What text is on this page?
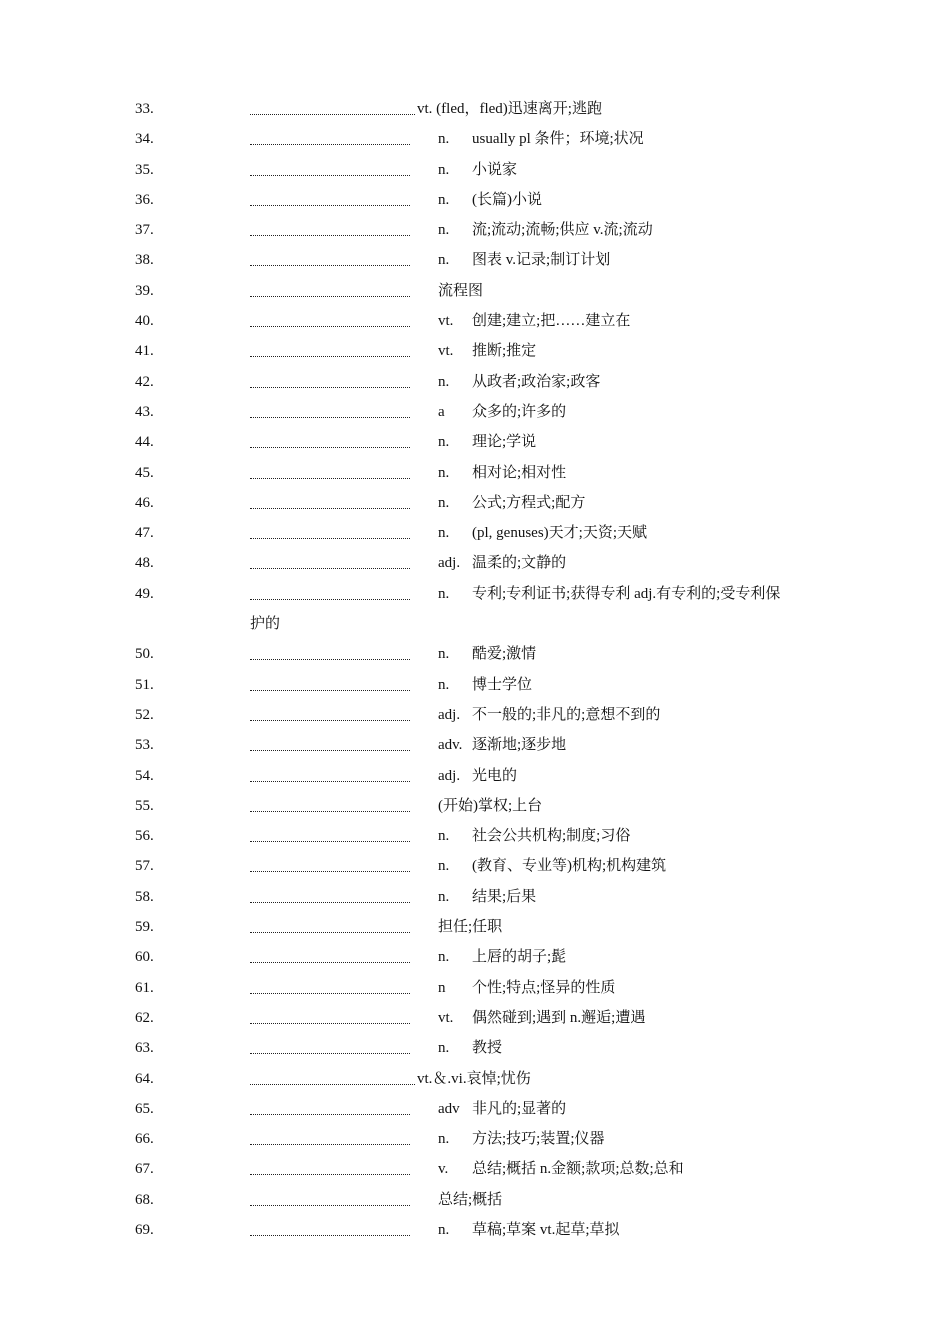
33.	vt. (fled，fled)迅速离开;逃跑
34.	n. usually pl 条件；环境;状况
35.	n. 小说家
36.	n. (长篇)小说
37.	n. 流;流动;流畅;供应 v.流;流动
38.	n. 图表 v.记录;制订计划
39.	流程图
40.	vt. 创建;建立;把……建立在
41.	vt. 推断;推定
42.	n. 从政者;政治家;政客
43.	a 众多的;许多的
44.	n. 理论;学说
45.	n. 相对论;相对性
46.	n. 公式;方程式;配方
47.	n. (pl, genuses)天才;天资;天赋
48.	adj. 温柔的;文静的
49.	n. 专利;专利证书;获得专利 adj.有专利的;受专利保
护的
50.	n. 酷爱;激情
51.	n. 博士学位
52.	adj. 不一般的;非凡的;意想不到的
53.	adv. 逐渐地;逐步地
54.	adj. 光电的
55.	(开始)掌权;上台
56.	n. 社会公共机构;制度;习俗
57.	n. (教育、专业等)机构;机构建筑
58.	n. 结果;后果
59.	担任;任职
60.	n. 上唇的胡子;髭
61.	n 个性;特点;怪异的性质
62.	vt. 偶然碰到;遇到 n.邂逅;遭遇
63.	n. 教授
64.	vt.＆.vi.哀悼;忧伤
65.	adv 非凡的;显著的
66.	n. 方法;技巧;装置;仪器
67.	v. 总结;概括 n.金额;款项;总数;总和
68.	总结;概括
69.	n. 草稿;草案 vt.起草;草拟
